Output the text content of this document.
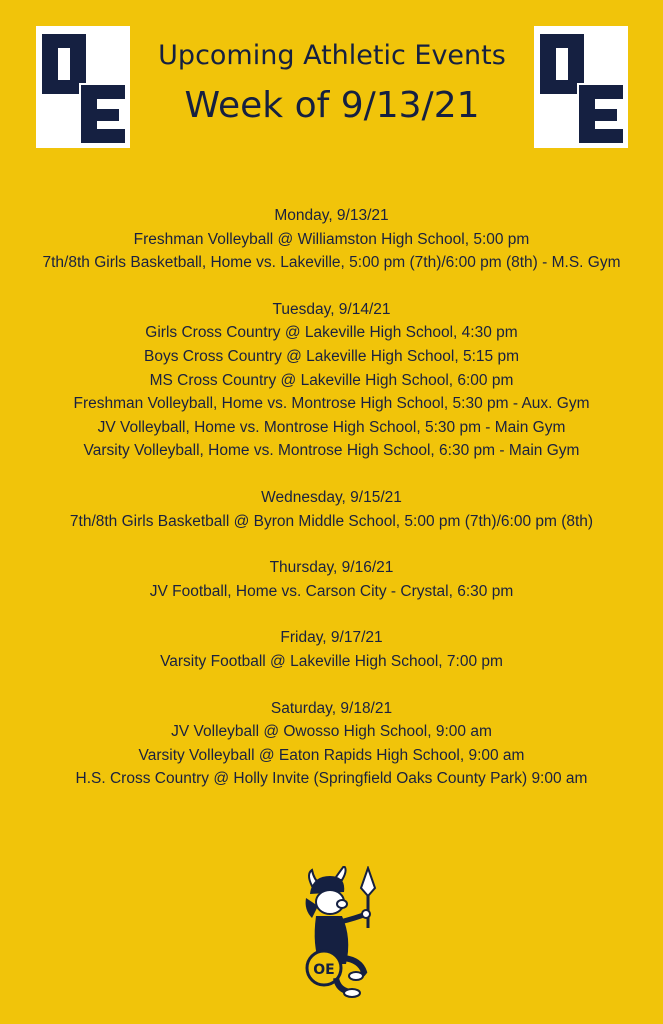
Upcoming Athletic Events
Week of 9/13/21
Monday, 9/13/21
Freshman Volleyball @ Williamston High School, 5:00 pm
7th/8th Girls Basketball, Home vs. Lakeville, 5:00 pm (7th)/6:00 pm (8th) - M.S. Gym
Tuesday, 9/14/21
Girls Cross Country @ Lakeville High School, 4:30 pm
Boys Cross Country @ Lakeville High School, 5:15 pm
MS Cross Country @ Lakeville High School, 6:00 pm
Freshman Volleyball, Home vs. Montrose High School, 5:30 pm - Aux. Gym
JV Volleyball, Home vs. Montrose High School, 5:30 pm - Main Gym
Varsity Volleyball, Home vs. Montrose High School, 6:30 pm - Main Gym
Wednesday, 9/15/21
7th/8th Girls Basketball @ Byron Middle School, 5:00 pm (7th)/6:00 pm (8th)
Thursday, 9/16/21
JV Football, Home vs. Carson City - Crystal, 6:30 pm
Friday, 9/17/21
Varsity Football @ Lakeville High School, 7:00 pm
Saturday, 9/18/21
JV Volleyball @ Owosso High School, 9:00 am
Varsity Volleyball @ Eaton Rapids High School, 9:00 am
H.S. Cross Country @ Holly Invite (Springfield Oaks County Park) 9:00 am
OE
